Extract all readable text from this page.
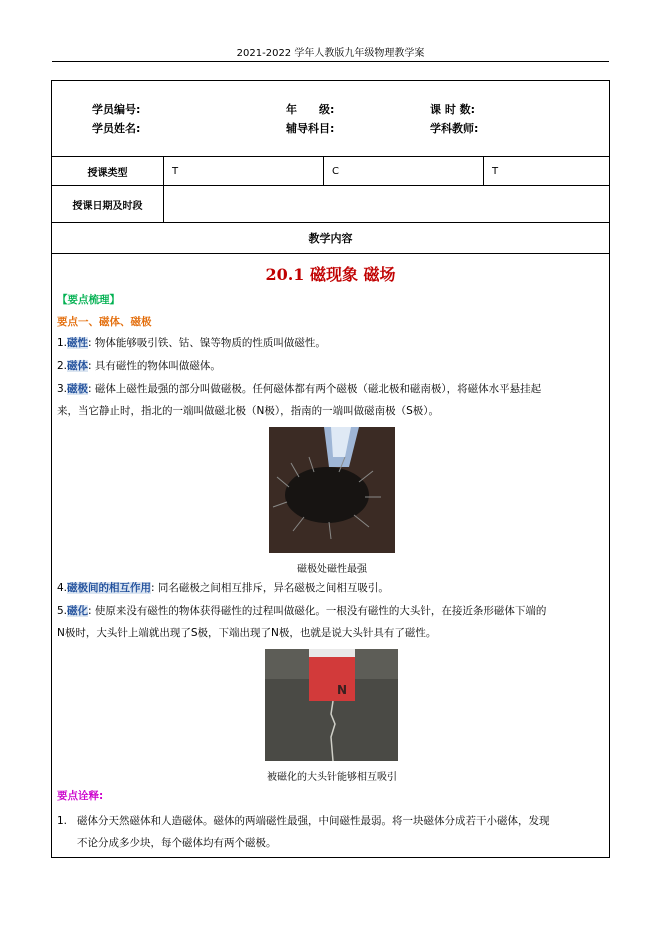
2021-2022 学年人教版九年级物理教学案
学员编号:	年　　级:	课 时 数:
学员姓名:	辅导科目:	学科教师:
授课类型	T	C	T
授课日期及时段
教学内容
20.1 磁现象 磁场
【要点梳理】
要点一、磁体、磁极
1.磁性: 物体能够吸引铁、钴、镍等物质的性质叫做磁性。
2.磁体: 具有磁性的物体叫做磁体。
3.磁极: 磁体上磁性最强的部分叫做磁极。任何磁体都有两个磁极（磁北极和磁南极），将磁体水平悬挂起
来，当它静止时，指北的一端叫做磁北极（N极），指南的一端叫做磁南极（S极）。
磁极处磁性最强
4.磁极间的相互作用: 同名磁极之间相互排斥，异名磁极之间相互吸引。
5.磁化: 使原来没有磁性的物体获得磁性的过程叫做磁化。一根没有磁性的大头针，在接近条形磁体下端的
N极时，大头针上端就出现了S极，下端出现了N极，也就是说大头针具有了磁性。
N
被磁化的大头针能够相互吸引
要点诠释:
1. 磁体分天然磁体和人造磁体。磁体的两端磁性最强，中间磁性最弱。将一块磁体分成若干小磁体，发现

不论分成多少块，每个磁体均有两个磁极。
